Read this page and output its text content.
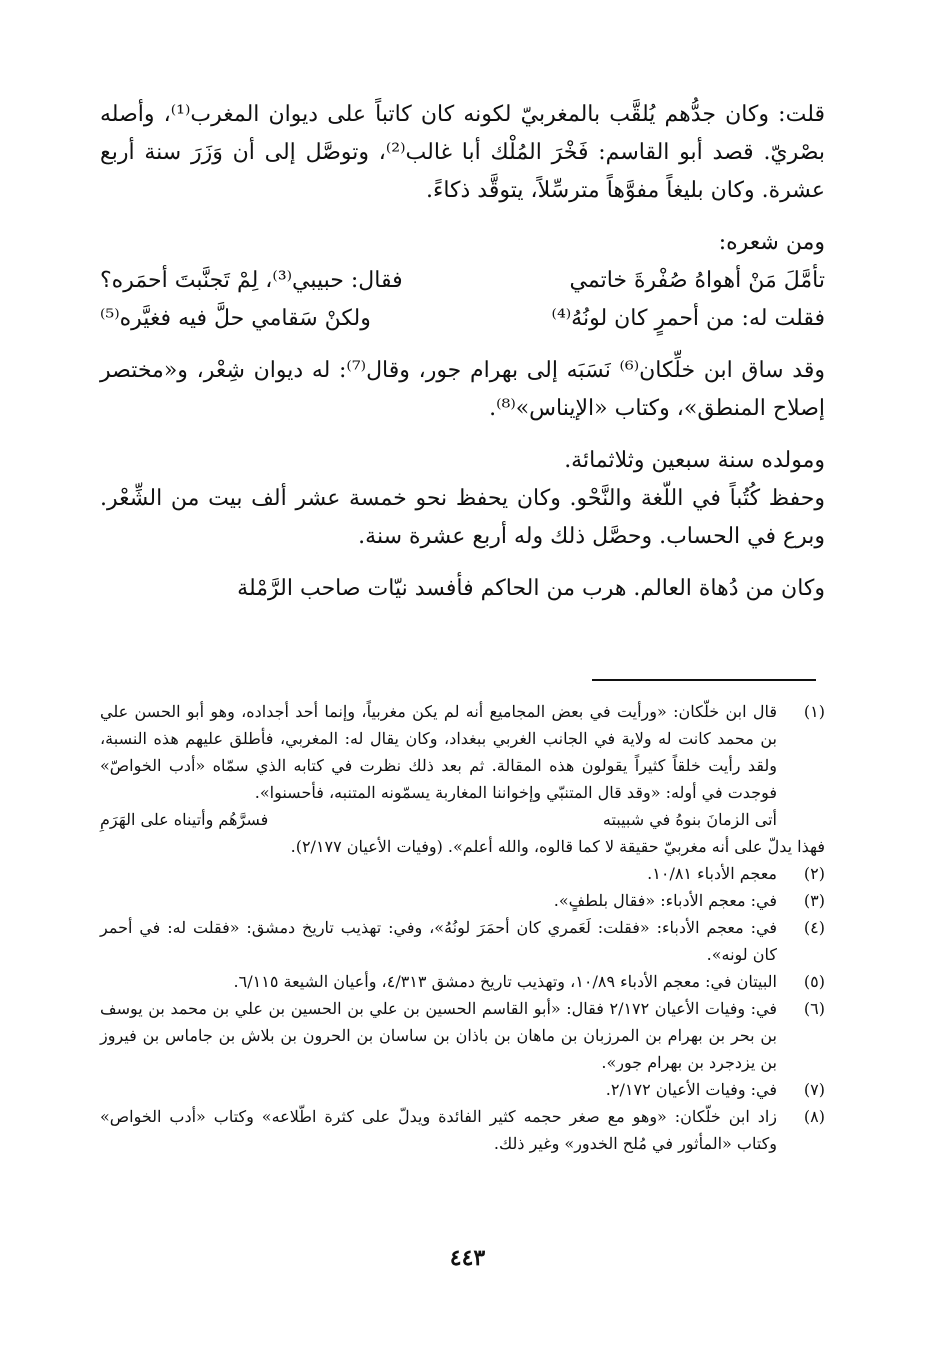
قلت: وكان جدُّهم يُلقَّب بالمغربيّ لكونه كان كاتباً على ديوان المغرب⁽¹⁾، وأصله بصْريّ. قصد أبو القاسم: فَخْرَ المُلْك أبا غالب⁽²⁾، وتوصَّل إلى أن وَزَرَ سنة أربع عشرة. وكان بليغاً مفوَّهاً مترسِّلاً، يتوقَّد ذكاءً.

ومن شعره:

تأمَّلَ مَنْ أهواهُ صُفْرةَ خاتمي
فقال: حبيبي⁽³⁾، لِمْ تَجنَّبتَ أحمَره؟
فقلت له: من أحمرٍ كان لونُهُ⁽⁴⁾
ولكنْ سَقامي حلَّ فيه فغيَّره⁽⁵⁾

وقد ساق ابن خلِّكان⁽⁶⁾ نَسَبَه إلى بهرام جور، وقال⁽⁷⁾: له ديوان شِعْر، و«مختصر إصلاح المنطق»، وكتاب «الإيناس»⁽⁸⁾.

ومولده سنة سبعين وثلاثمائة.

وحفظ كُتُباً في اللّغة والنَّحْو. وكان يحفظ نحو خمسة عشر ألف بيت من الشِّعْر. وبرع في الحساب. وحصَّل ذلك وله أربع عشرة سنة.

وكان من دُهاة العالم. هرب من الحاكم فأفسد نيّات صاحب الرَّمْلة

(١)
قال ابن خلّكان: «ورأيت في بعض المجاميع أنه لم يكن مغربياً، وإنما أحد أجداده، وهو أبو الحسن علي بن محمد كانت له ولاية في الجانب الغربي ببغداد، وكان يقال له: المغربي، فأطلق عليهم هذه النسبة، ولقد رأيت خلقاً كثيراً يقولون هذه المقالة. ثم بعد ذلك نظرت في كتابه الذي سمّاه «أدب الخواصّ» فوجدت في أوله: «وقد قال المتنبّي وإخواننا المغاربة يسمّونه المتنبه، فأحسنوا».
أتى الزمانَ بنوهُ في شبيبته
فسرَّهُم وأتيناه على الهَرَمِ
فهذا يدلّ على أنه مغربيّ حقيقة لا كما قالوه، والله أعلم». (وفيات الأعيان ٢/١٧٧).
(٢)
معجم الأدباء ١٠/٨١.
(٣)
في: معجم الأدباء: «فقال بلطفٍ».
(٤)
في: معجم الأدباء: «فقلت: لَعَمري كان أحمَرَ لونُهُ»، وفي: تهذيب تاريخ دمشق: «فقلت له: في أحمر كان لونه».
(٥)
البيتان في: معجم الأدباء ١٠/٨٩، وتهذيب تاريخ دمشق ٤/٣١٣، وأعيان الشيعة ٦/١١٥.
(٦)
في: وفيات الأعيان ٢/١٧٢ فقال: «أبو القاسم الحسين بن علي بن الحسين بن علي بن محمد بن يوسف بن بحر بن بهرام بن المرزبان بن ماهان بن باذان بن ساسان بن الحرون بن بلاش بن جاماس بن فيروز بن يزدجرد بن بهرام جور».
(٧)
في: وفيات الأعيان ٢/١٧٢.
(٨)
زاد ابن خلّكان: «وهو مع صغر حجمه كثير الفائدة ويدلّ على كثرة اطّلاعه» وكتاب «أدب الخواص» وكتاب «المأثور في مُلح الخدور» وغير ذلك.
٤٤٣
